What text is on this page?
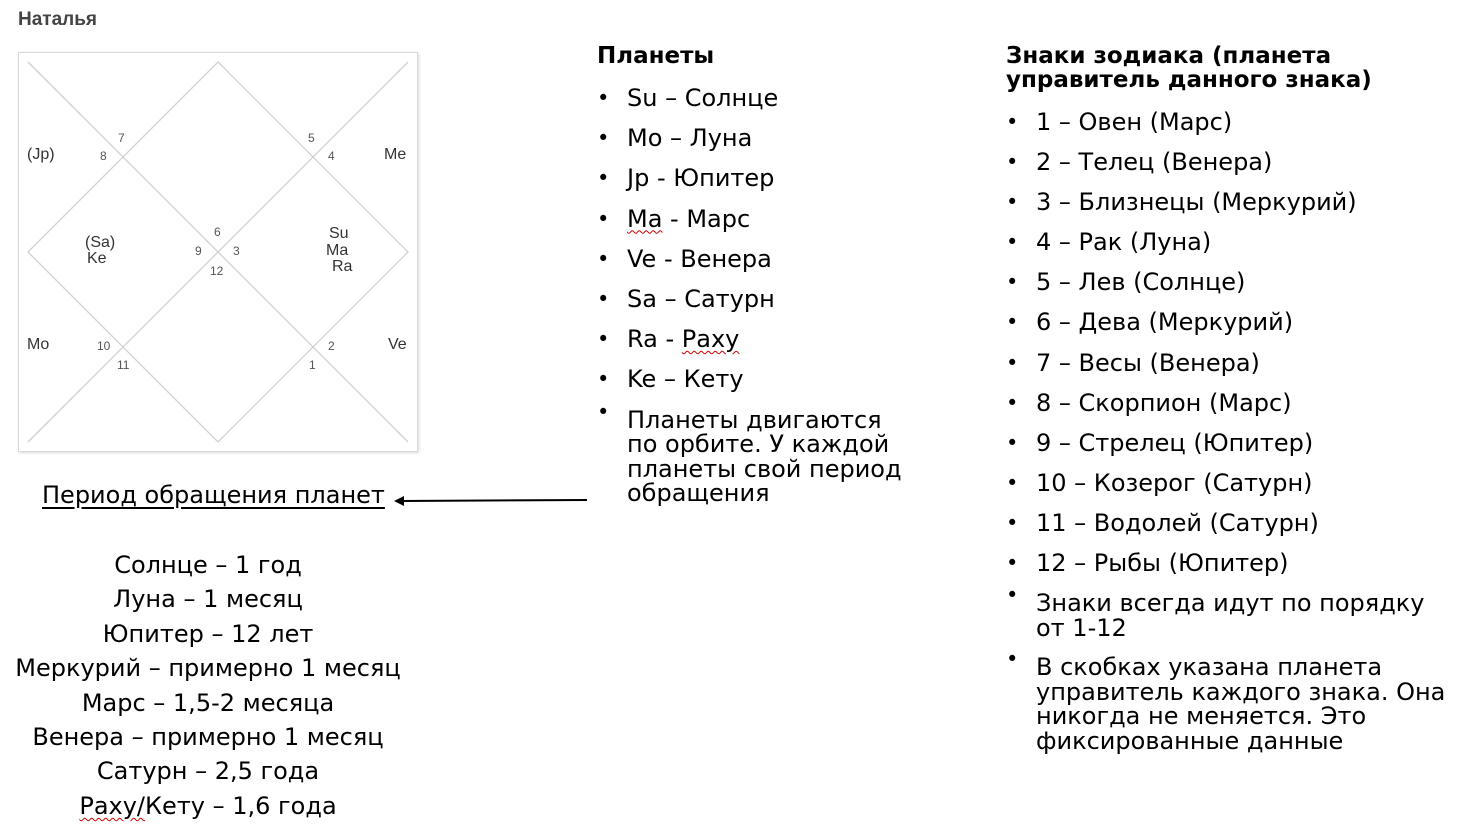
Наталья
7
8
5
4
6
9	3
12
10
11
2
1
(Jp)	Me
(Sa)
Ke
Su
Ma
Ra
Mo	Ve
Период обращения планет
Солнце – 1 год
Луна – 1 месяц
Юпитер – 12 лет
Меркурий – примерно 1 месяц
Марс – 1,5-2 месяца
Венера – примерно 1 месяц
Сатурн – 2,5 года
Раху/Кету – 1,6 года
Планеты
• Su – Солнце
• Mo – Луна
• Jp - Юпитер
• Ma - Марс
• Ve - Венера
• Sa – Сатурн
• Ra - Раху
• Ke – Кету
• Планеты двигаются по орбите. У каждой планеты свой период обращения
Знаки зодиака (планета управитель данного знака)
• 1 – Овен (Марс)
• 2 – Телец (Венера)
• 3 – Близнецы (Меркурий)
• 4 – Рак (Луна)
• 5 – Лев (Солнце)
• 6 – Дева (Меркурий)
• 7 – Весы (Венера)
• 8 – Скорпион (Марс)
• 9 – Стрелец (Юпитер)
• 10 – Козерог (Сатурн)
• 11 – Водолей (Сатурн)
• 12 – Рыбы (Юпитер)
• Знаки всегда идут по порядку от 1-12
• В скобках указана планета управитель каждого знака. Она никогда не меняется. Это фиксированные данные
